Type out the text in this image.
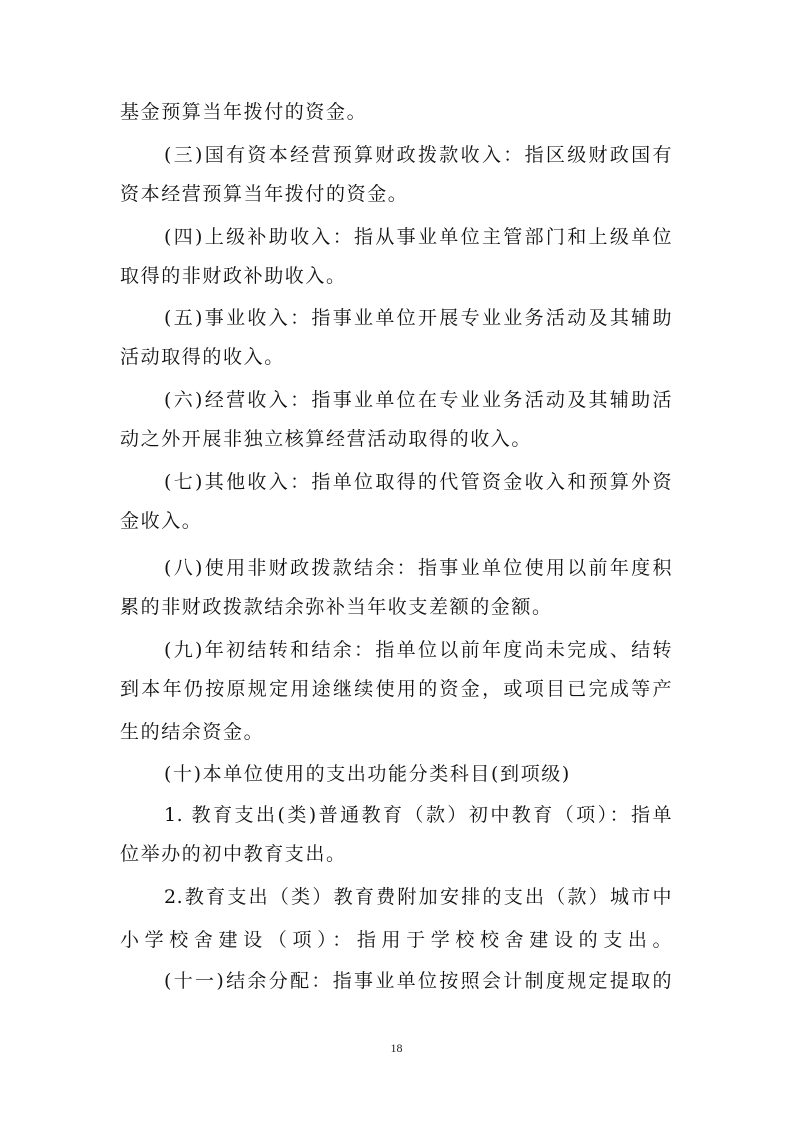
基金预算当年拨付的资金。
(三)国有资本经营预算财政拨款收入：指区级财政国有
资本经营预算当年拨付的资金。
(四)上级补助收入：指从事业单位主管部门和上级单位
取得的非财政补助收入。
(五)事业收入：指事业单位开展专业业务活动及其辅助
活动取得的收入。
(六)经营收入：指事业单位在专业业务活动及其辅助活
动之外开展非独立核算经营活动取得的收入。
(七)其他收入：指单位取得的代管资金收入和预算外资
金收入。
(八)使用非财政拨款结余：指事业单位使用以前年度积
累的非财政拨款结余弥补当年收支差额的金额。
(九)年初结转和结余：指单位以前年度尚未完成、结转
到本年仍按原规定用途继续使用的资金，或项目已完成等产
生的结余资金。
(十)本单位使用的支出功能分类科目(到项级)
1. 教育支出(类)普通教育（款）初中教育（项）：指单
位举办的初中教育支出。
2.教育支出（类）教育费附加安排的支出（款）城市中
小学校舍建设（项）：指用于学校校舍建设的支出。
(十一)结余分配：指事业单位按照会计制度规定提取的
18
